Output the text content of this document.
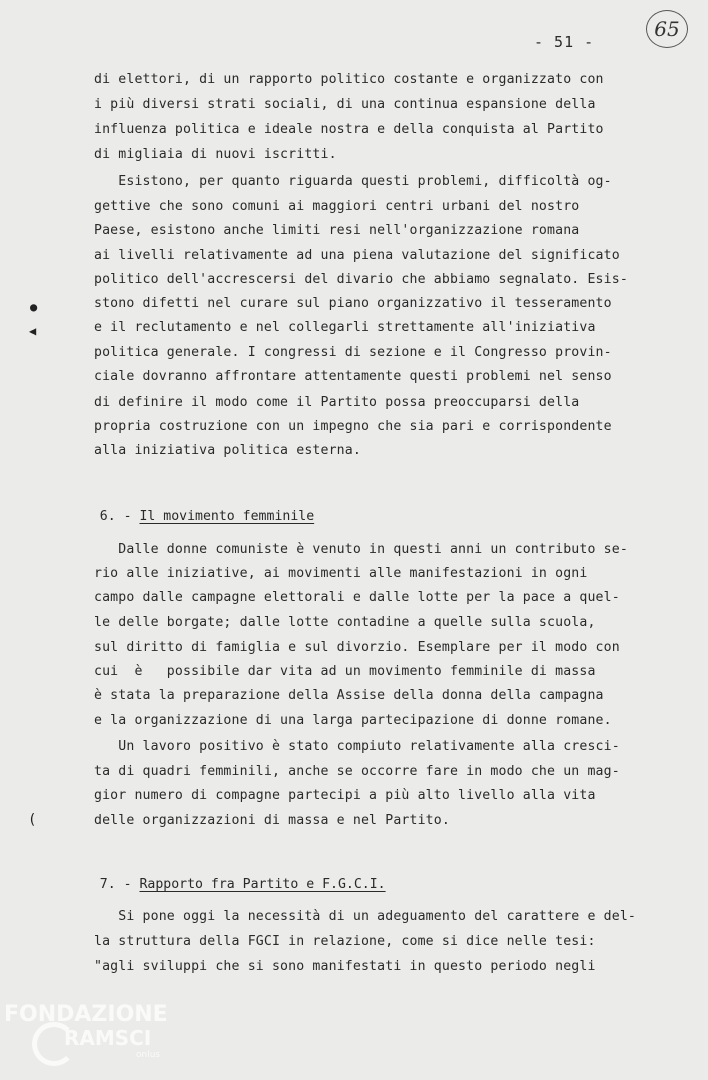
- 51 -
65
di elettori, di un rapporto politico costante e organizzato con
i più diversi strati sociali, di una continua espansione della
influenza politica e ideale nostra e della conquista al Partito
di migliaia di nuovi iscritti.
Esistono, per quanto riguarda questi problemi, difficoltà og-
gettive che sono comuni ai maggiori centri urbani del nostro
Paese, esistono anche limiti resi nell'organizzazione romana
ai livelli relativamente ad una piena valutazione del significato
politico dell'accrescersi del divario che abbiamo segnalato. Esis-
stono difetti nel curare sul piano organizzativo il tesseramento
e il reclutamento e nel collegarli strettamente all'iniziativa
politica generale. I congressi di sezione e il Congresso provin-
ciale dovranno affrontare attentamente questi problemi nel senso
di definire il modo come il Partito possa preoccuparsi della
propria costruzione con un impegno che sia pari e corrispondente
alla iniziativa politica esterna.

6. - Il movimento femminile

Dalle donne comuniste è venuto in questi anni un contributo se-
rio alle iniziative, ai movimenti alle manifestazioni in ogni
campo dalle campagne elettorali e dalle lotte per la pace a quel-
le delle borgate; dalle lotte contadine a quelle sulla scuola,
sul diritto di famiglia e sul divorzio. Esemplare per il modo con
cui  è   possibile dar vita ad un movimento femminile di massa
è stata la preparazione della Assise della donna della campagna
e la organizzazione di una larga partecipazione di donne romane.
Un lavoro positivo è stato compiuto relativamente alla cresci-
ta di quadri femminili, anche se occorre fare in modo che un mag-
gior numero di compagne partecipi a più alto livello alla vita
delle organizzazioni di massa e nel Partito.

7. - Rapporto fra Partito e F.G.C.I.

Si pone oggi la necessità di un adeguamento del carattere e del-
la struttura della FGCI in relazione, come si dice nelle tesi:
"agli sviluppi che si sono manifestati in questo periodo negli
●
◀
(
FONDAZIONE
RAMSCI
onlus
